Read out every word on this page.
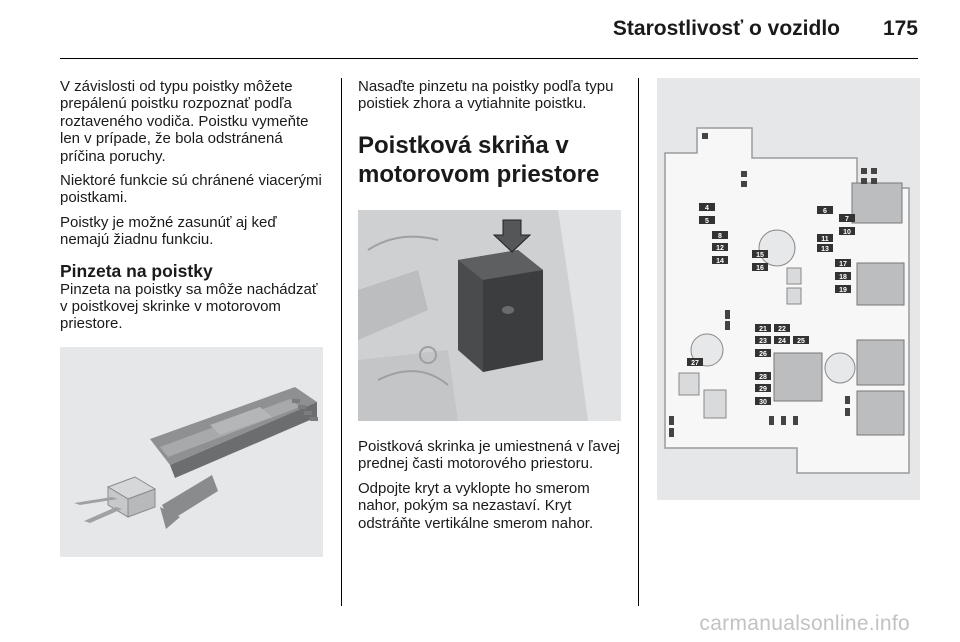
Starostlivosť o vozidlo 175

V závislosti od typu poistky môžete prepálenú poistku rozpoznať podľa roztaveného vodiča. Poistku vymeňte len v prípade, že bola odstránená príčina poruchy.

Niektoré funkcie sú chránené viacerými poistkami.

Poistky je možné zasunúť aj keď nemajú žiadnu funkciu.

Pinzeta na poistky

Pinzeta na poistky sa môže nachádzať v poistkovej skrinke v motorovom priestore.

Nasaďte pinzetu na poistky podľa typu poistiek zhora a vytiahnite poistku.

Poistková skriňa v motorovom priestore

Poistková skrinka je umiestnená v ľavej prednej časti motorového priestoru.

Odpojte kryt a vyklopte ho smerom nahor, pokým sa nezastaví. Kryt odstráňte vertikálne smerom nahor.

4
5
8
12
14
6
7
10
11
13
15
16
17
18
19
21 22
23 24 25
26
27
28
29
30
carmanualsonline.info
